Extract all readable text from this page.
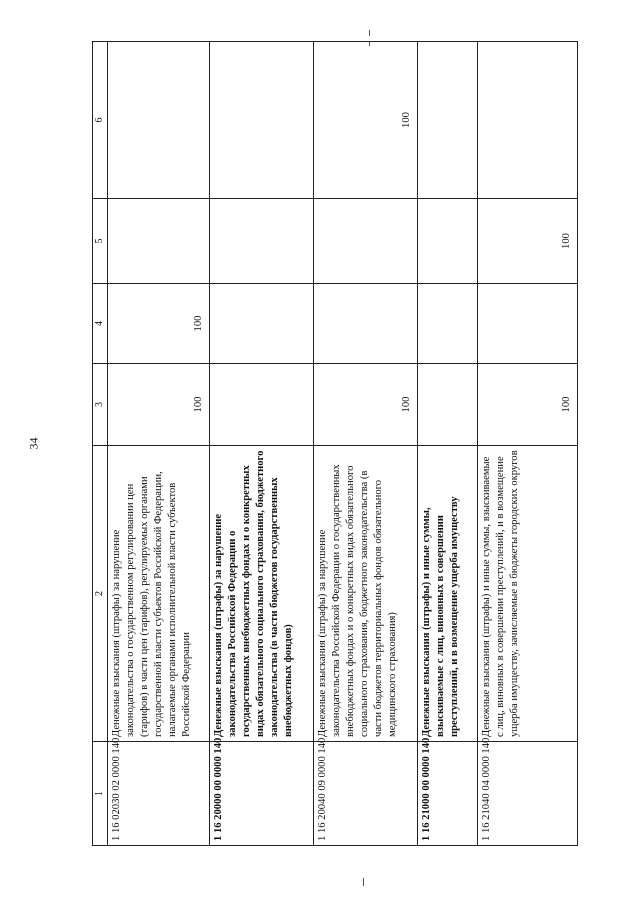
34
1	2	3	4	5	6
1 16 02030 02 0000 140	Денежные взыскания (штрафы) за нарушение законодательства о государственном регулировании цен (тарифов) в части цен (тарифов), регулируемых органами государственной власти субъектов Российской Федерации, налагаемые органами исполнительной власти субъектов Российской Федерации	100	100		
1 16 20000 00 0000 140	Денежные взыскания (штрафы) за нарушение законодательства Российской Федерации о государственных внебюджетных фондах и о конкретных видах обязательного социального страхования, бюджетного законодательства (в части бюджетов государственных внебюджетных фондов)				
1 16 20040 09 0000 140	Денежные взыскания (штрафы) за нарушение законодательства Российской Федерации о государственных внебюджетных фондах и о конкретных видах обязательного социального страхования, бюджетного законодательства (в части бюджетов территориальных фондов обязательного медицинского страхования)	100			100
1 16 21000 00 0000 140	Денежные взыскания (штрафы) и иные суммы, взыскиваемые с лиц, виновных в совершении преступлений, и в возмещение ущерба имуществу				
1 16 21040 04 0000 140	Денежные взыскания (штрафы) и иные суммы, взыскиваемые с лиц, виновных в совершении преступлений, и в возмещение ущерба имуществу, зачисляемые в бюджеты городских округов	100		100	
